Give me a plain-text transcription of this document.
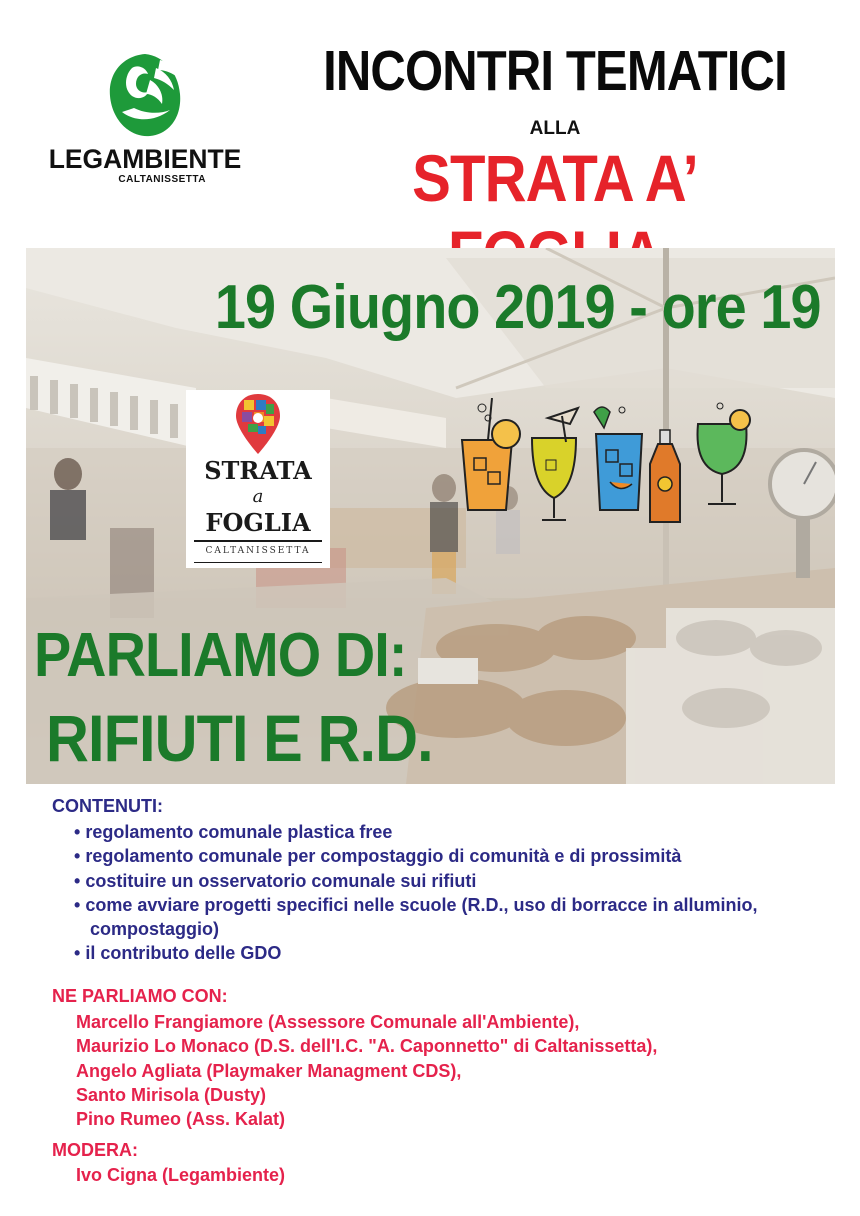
LEGAMBIENTE
CALTANISSETTA
INCONTRI TEMATICI
ALLA
STRATA A’
19 Giugno 2019 - ore 19
STRATA
a
FOGLIA
CALTANISSETTA
PARLIAMO DI:
RIFIUTI E R.D.
CONTENUTI:
• regolamento comunale plastica free
• regolamento comunale per compostaggio di comunità e di prossimità
• costituire un osservatorio comunale sui rifiuti
• come avviare progetti specifici nelle scuole (R.D., uso di borracce in alluminio, compostaggio)
• il contributo delle GDO
NE PARLIAMO CON:
Marcello Frangiamore (Assessore Comunale all'Ambiente),
Maurizio Lo Monaco (D.S. dell'I.C. "A. Caponnetto" di Caltanissetta),
Angelo Agliata (Playmaker Managment CDS),
Santo Mirisola (Dusty)
Pino Rumeo (Ass. Kalat)
MODERA:
Ivo Cigna (Legambiente)
